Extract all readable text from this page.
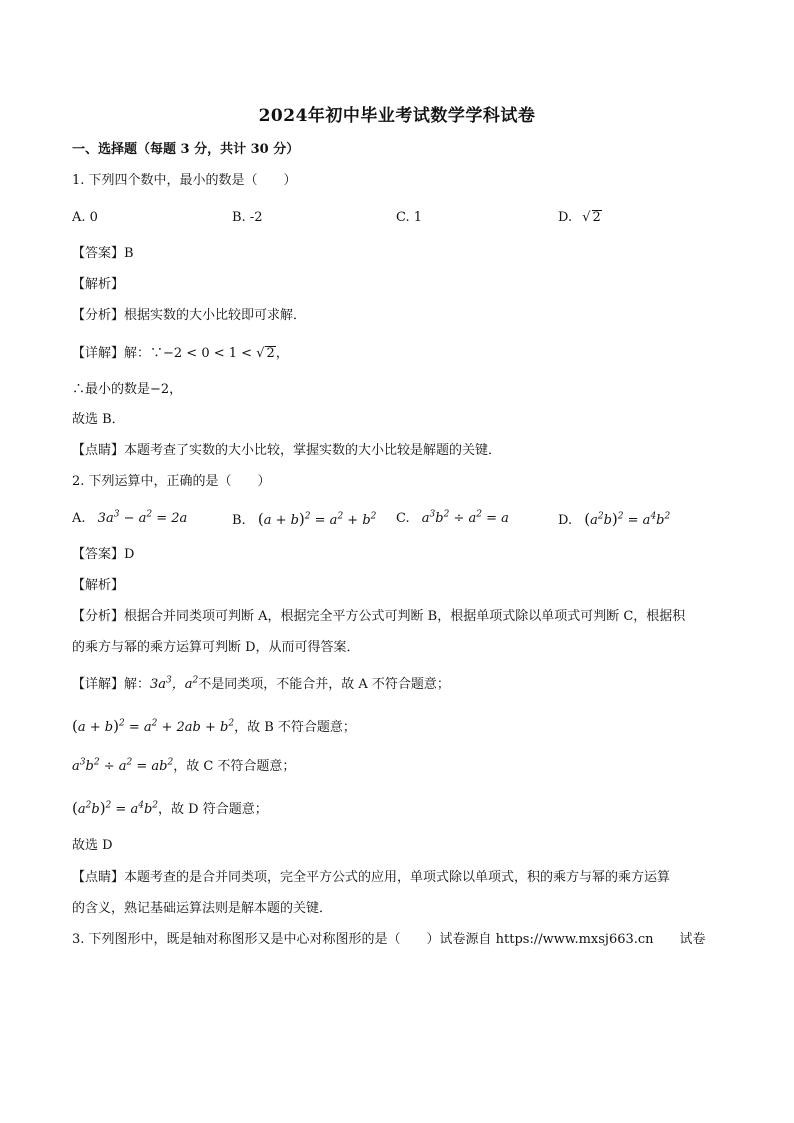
2024年初中毕业考试数学学科试卷
一、选择题（每题 3 分，共计 30 分）
1. 下列四个数中，最小的数是（　　）
A. 0	B. -2	C. 1	D. √ 2
【答案】B
【解析】
【分析】根据实数的大小比较即可求解．
【详解】解：∵−2 < 0 < 1 < √ 2，
∴最小的数是−2，
故选 B．
【点睛】本题考查了实数的大小比较，掌握实数的大小比较是解题的关键．
2. 下列运算中，正确的是（　　）
A. $3a^3 - a^2 = 2a$	B. $(a + b)^2 = a^2 + b^2$ C. $a^3b^2 \div a^2 = a$	D. $(a^2b)^2 = a^4b^2$
【答案】D
【解析】
【分析】根据合并同类项可判断 A，根据完全平方公式可判断 B，根据单项式除以单项式可判断 C，根据积
的乘方与幂的乘方运算可判断 D，从而可得答案．
【详解】解：$3a^3$，$a^2$不是同类项，不能合并，故 A 不符合题意；
$(a + b)^2 = a^2 + 2ab + b^2$，故 B 不符合题意；
$a^3b^2 \div a^2 = ab^2$，故 C 不符合题意；
$(a^2b)^2 = a^4b^2$，故 D 符合题意；
故选 D
【点睛】本题考查的是合并同类项，完全平方公式的应用，单项式除以单项式，积的乘方与幂的乘方运算
的含义，熟记基础运算法则是解本题的关键．
3. 下列图形中，既是轴对称图形又是中心对称图形的是（　　）试卷源自 https://www.mxsj663.cn　　试卷
